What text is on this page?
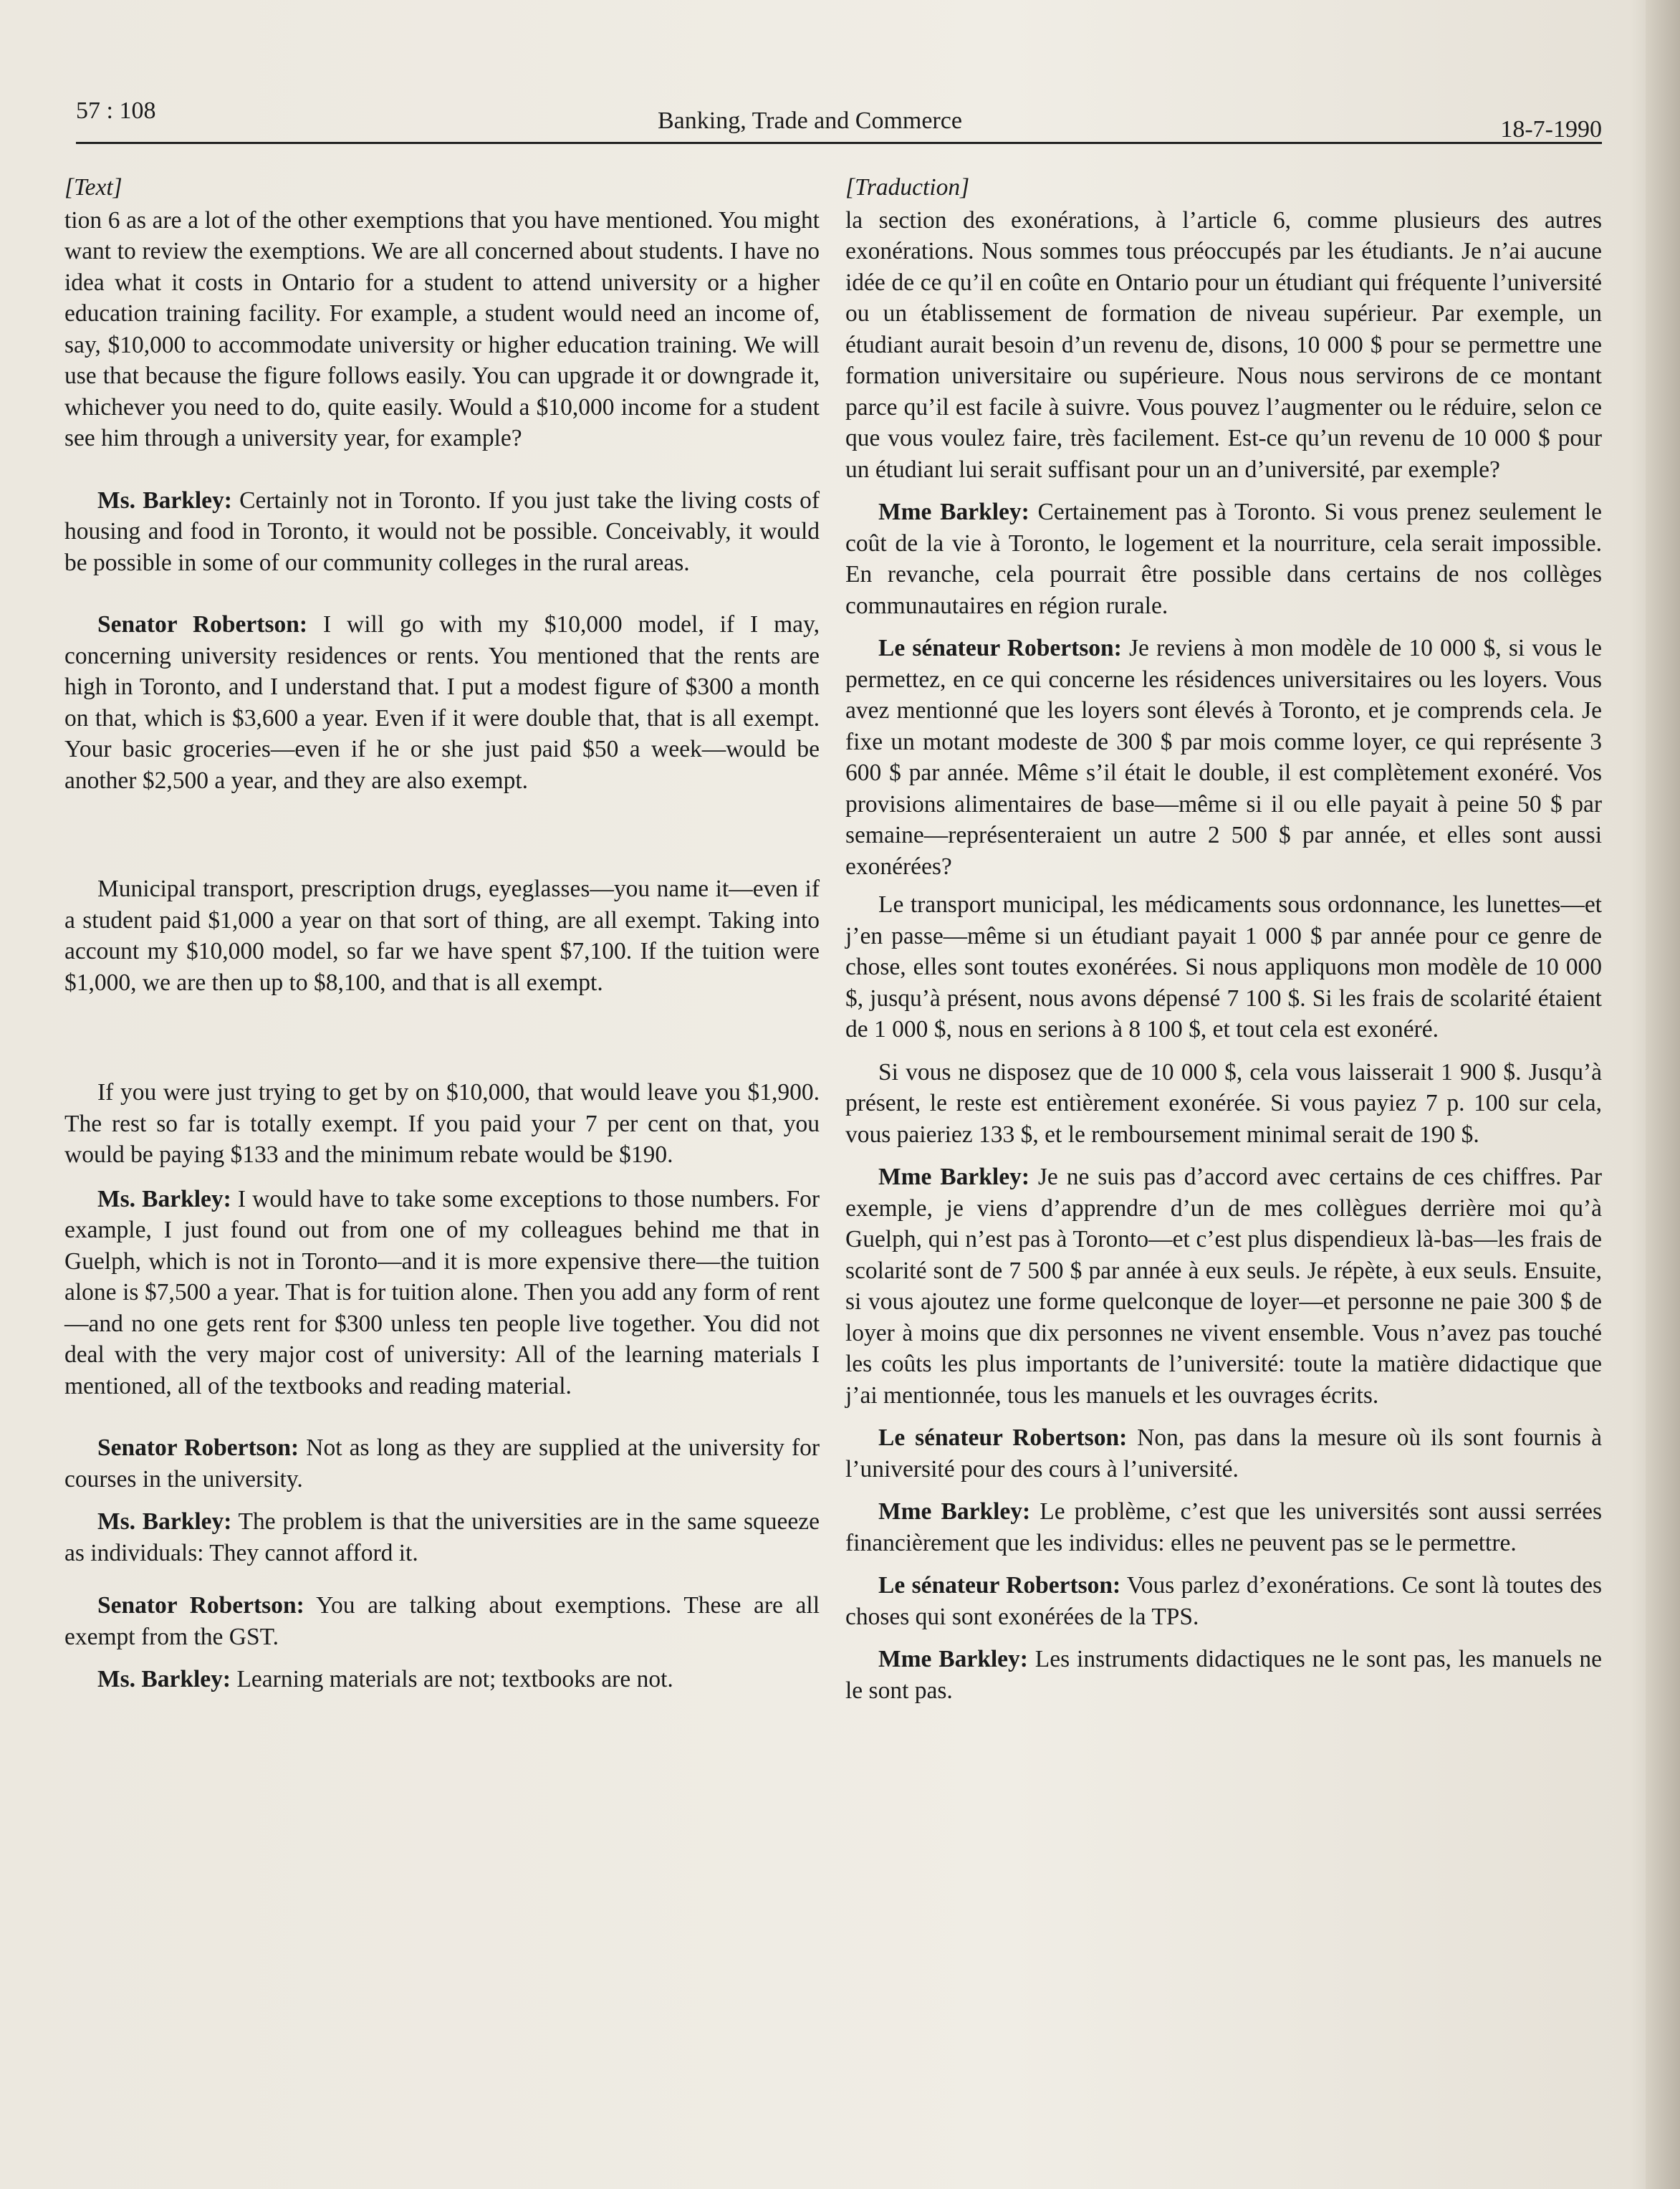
57 : 108	Banking, Trade and Commerce	18-7-1990
[Text]

tion 6 as are a lot of the other exemptions that you have mentioned. You might want to review the exemptions. We are all concerned about students. I have no idea what it costs in Ontario for a student to attend university or a higher education training facility. For example, a student would need an income of, say, $10,000 to accommodate university or higher education training. We will use that because the figure follows easily. You can upgrade it or downgrade it, whichever you need to do, quite easily. Would a $10,000 income for a student see him through a university year, for example?

Ms. Barkley: Certainly not in Toronto. If you just take the living costs of housing and food in Toronto, it would not be possible. Conceivably, it would be possible in some of our community colleges in the rural areas.

Senator Robertson: I will go with my $10,000 model, if I may, concerning university residences or rents. You mentioned that the rents are high in Toronto, and I understand that. I put a modest figure of $300 a month on that, which is $3,600 a year. Even if it were double that, that is all exempt. Your basic groceries—even if he or she just paid $50 a week—would be another $2,500 a year, and they are also exempt.

Municipal transport, prescription drugs, eyeglasses—you name it—even if a student paid $1,000 a year on that sort of thing, are all exempt. Taking into account my $10,000 model, so far we have spent $7,100. If the tuition were $1,000, we are then up to $8,100, and that is all exempt.

If you were just trying to get by on $10,000, that would leave you $1,900. The rest so far is totally exempt. If you paid your 7 per cent on that, you would be paying $133 and the minimum rebate would be $190.

Ms. Barkley: I would have to take some exceptions to those numbers. For example, I just found out from one of my colleagues behind me that in Guelph, which is not in Toronto—and it is more expensive there—the tuition alone is $7,500 a year. That is for tuition alone. Then you add any form of rent—and no one gets rent for $300 unless ten people live together. You did not deal with the very major cost of university: All of the learning materials I mentioned, all of the textbooks and reading material.

Senator Robertson: Not as long as they are supplied at the university for courses in the university.

Ms. Barkley: The problem is that the universities are in the same squeeze as individuals: They cannot afford it.

Senator Robertson: You are talking about exemptions. These are all exempt from the GST.

Ms. Barkley: Learning materials are not; textbooks are not.

[Traduction]

la section des exonérations, à l’article 6, comme plusieurs des autres exonérations. Nous sommes tous préoccupés par les étudiants. Je n’ai aucune idée de ce qu’il en coûte en Ontario pour un étudiant qui fréquente l’université ou un établissement de formation de niveau supérieur. Par exemple, un étudiant aurait besoin d’un revenu de, disons, 10 000 $ pour se permettre une formation universitaire ou supérieure. Nous nous servirons de ce montant parce qu’il est facile à suivre. Vous pouvez l’augmenter ou le réduire, selon ce que vous voulez faire, très facilement. Est-ce qu’un revenu de 10 000 $ pour un étudiant lui serait suffisant pour un an d’université, par exemple?

Mme Barkley: Certainement pas à Toronto. Si vous prenez seulement le coût de la vie à Toronto, le logement et la nourriture, cela serait impossible. En revanche, cela pourrait être possible dans certains de nos collèges communautaires en région rurale.

Le sénateur Robertson: Je reviens à mon modèle de 10 000 $, si vous le permettez, en ce qui concerne les résidences universitaires ou les loyers. Vous avez mentionné que les loyers sont élevés à Toronto, et je comprends cela. Je fixe un motant modeste de 300 $ par mois comme loyer, ce qui représente 3 600 $ par année. Même s’il était le double, il est complètement exonéré. Vos provisions alimentaires de base—même si il ou elle payait à peine 50 $ par semaine—représenteraient un autre 2 500 $ par année, et elles sont aussi exonérées?

Le transport municipal, les médicaments sous ordonnance, les lunettes—et j’en passe—même si un étudiant payait 1 000 $ par année pour ce genre de chose, elles sont toutes exonérées. Si nous appliquons mon modèle de 10 000 $, jusqu’à présent, nous avons dépensé 7 100 $. Si les frais de scolarité étaient de 1 000 $, nous en serions à 8 100 $, et tout cela est exonéré.

Si vous ne disposez que de 10 000 $, cela vous laisserait 1 900 $. Jusqu’à présent, le reste est entièrement exonérée. Si vous payiez 7 p. 100 sur cela, vous paieriez 133 $, et le remboursement minimal serait de 190 $.

Mme Barkley: Je ne suis pas d’accord avec certains de ces chiffres. Par exemple, je viens d’apprendre d’un de mes collègues derrière moi qu’à Guelph, qui n’est pas à Toronto—et c’est plus dispendieux là-bas—les frais de scolarité sont de 7 500 $ par année à eux seuls. Je répète, à eux seuls. Ensuite, si vous ajoutez une forme quelconque de loyer—et personne ne paie 300 $ de loyer à moins que dix personnes ne vivent ensemble. Vous n’avez pas touché les coûts les plus importants de l’université: toute la matière didactique que j’ai mentionnée, tous les manuels et les ouvrages écrits.

Le sénateur Robertson: Non, pas dans la mesure où ils sont fournis à l’université pour des cours à l’université.

Mme Barkley: Le problème, c’est que les universités sont aussi serrées financièrement que les individus: elles ne peuvent pas se le permettre.

Le sénateur Robertson: Vous parlez d’exonérations. Ce sont là toutes des choses qui sont exonérées de la TPS.

Mme Barkley: Les instruments didactiques ne le sont pas, les manuels ne le sont pas.
